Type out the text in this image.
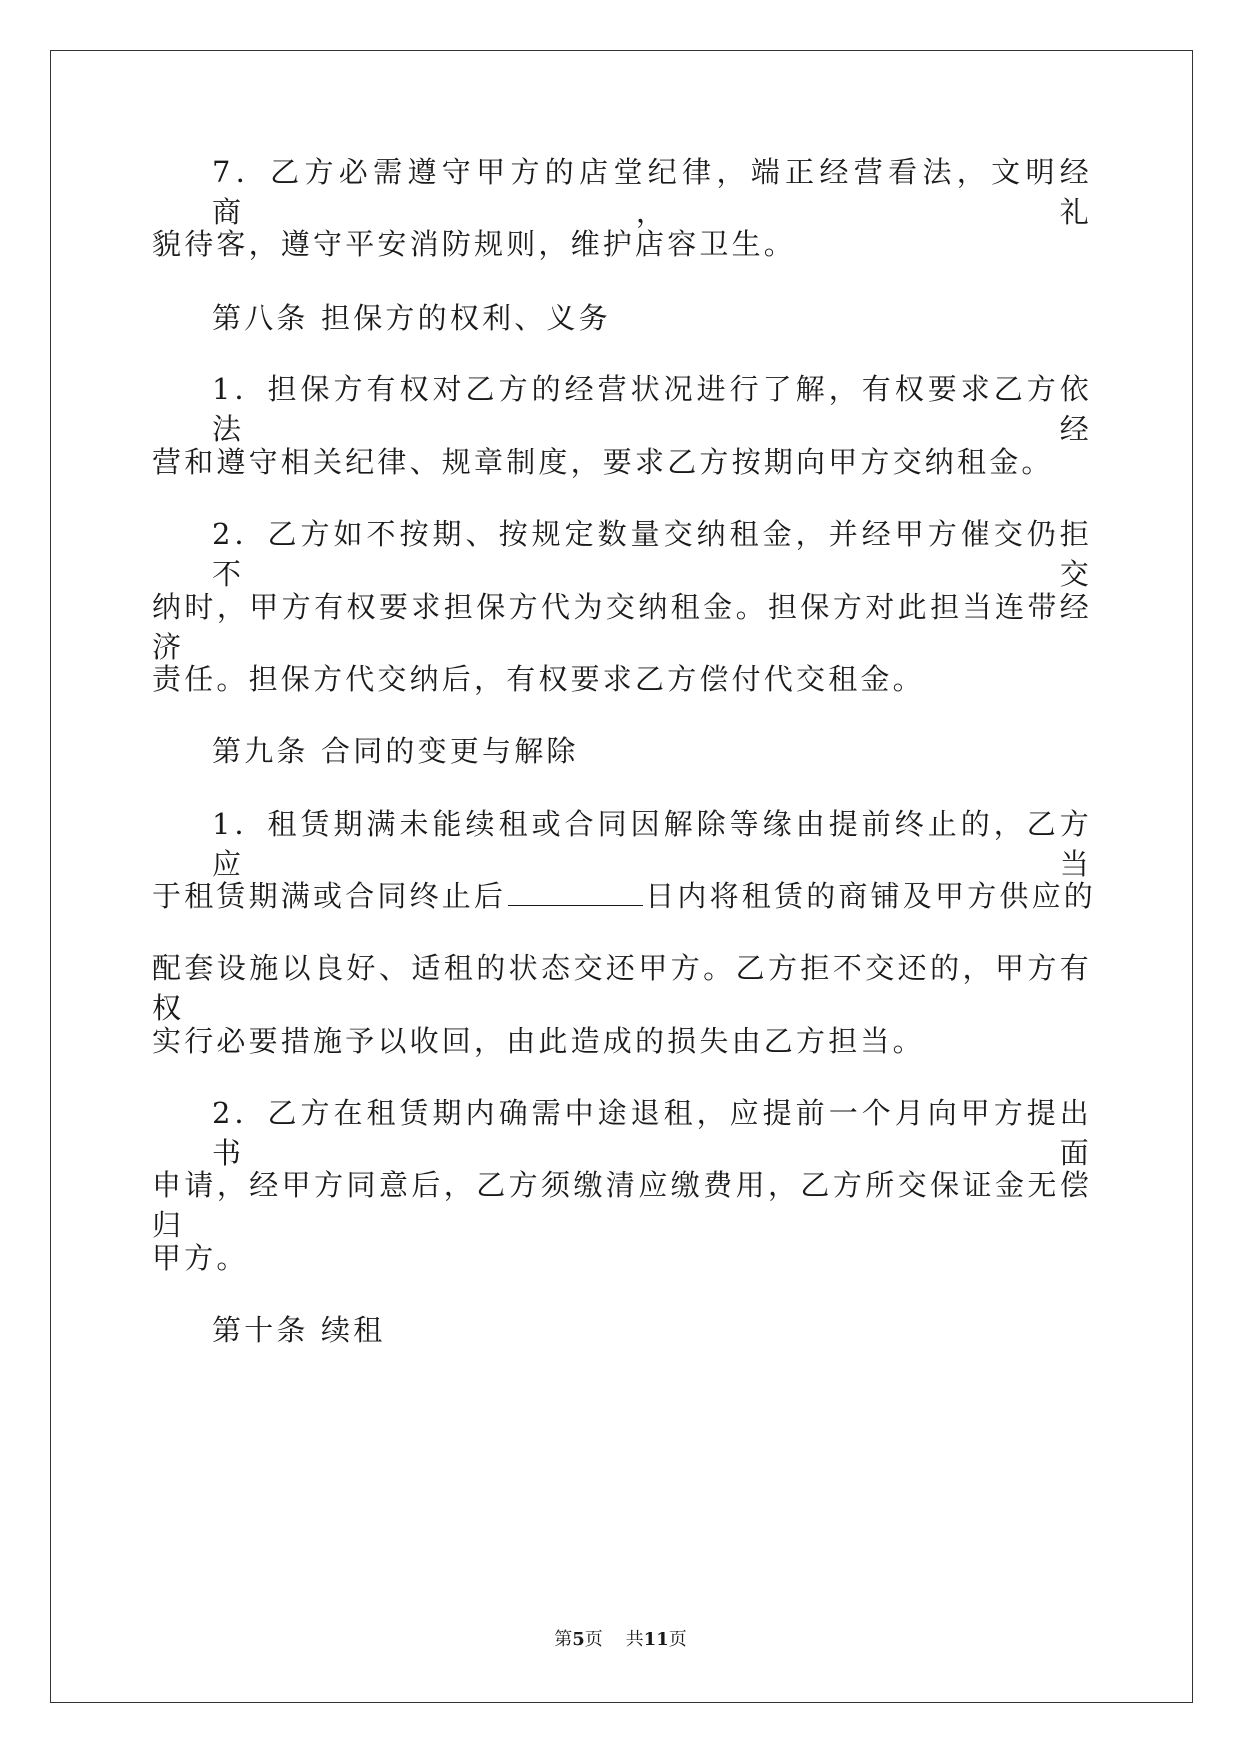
7．乙方必需遵守甲方的店堂纪律，端正经营看法，文明经商，礼
貌待客，遵守平安消防规则，维护店容卫生。
第八条 担保方的权利、义务
1．担保方有权对乙方的经营状况进行了解，有权要求乙方依法经
营和遵守相关纪律、规章制度，要求乙方按期向甲方交纳租金。
2．乙方如不按期、按规定数量交纳租金，并经甲方催交仍拒不交
纳时，甲方有权要求担保方代为交纳租金。担保方对此担当连带经济
责任。担保方代交纳后，有权要求乙方偿付代交租金。
第九条 合同的变更与解除
1．租赁期满未能续租或合同因解除等缘由提前终止的，乙方应当
于租赁期满或合同终止后	日内将租赁的商铺及甲方供应的
配套设施以良好、适租的状态交还甲方。乙方拒不交还的，甲方有权
实行必要措施予以收回，由此造成的损失由乙方担当。
2．乙方在租赁期内确需中途退租，应提前一个月向甲方提出书面
申请，经甲方同意后，乙方须缴清应缴费用，乙方所交保证金无偿归
甲方。
第十条 续租
第5页 共11页
